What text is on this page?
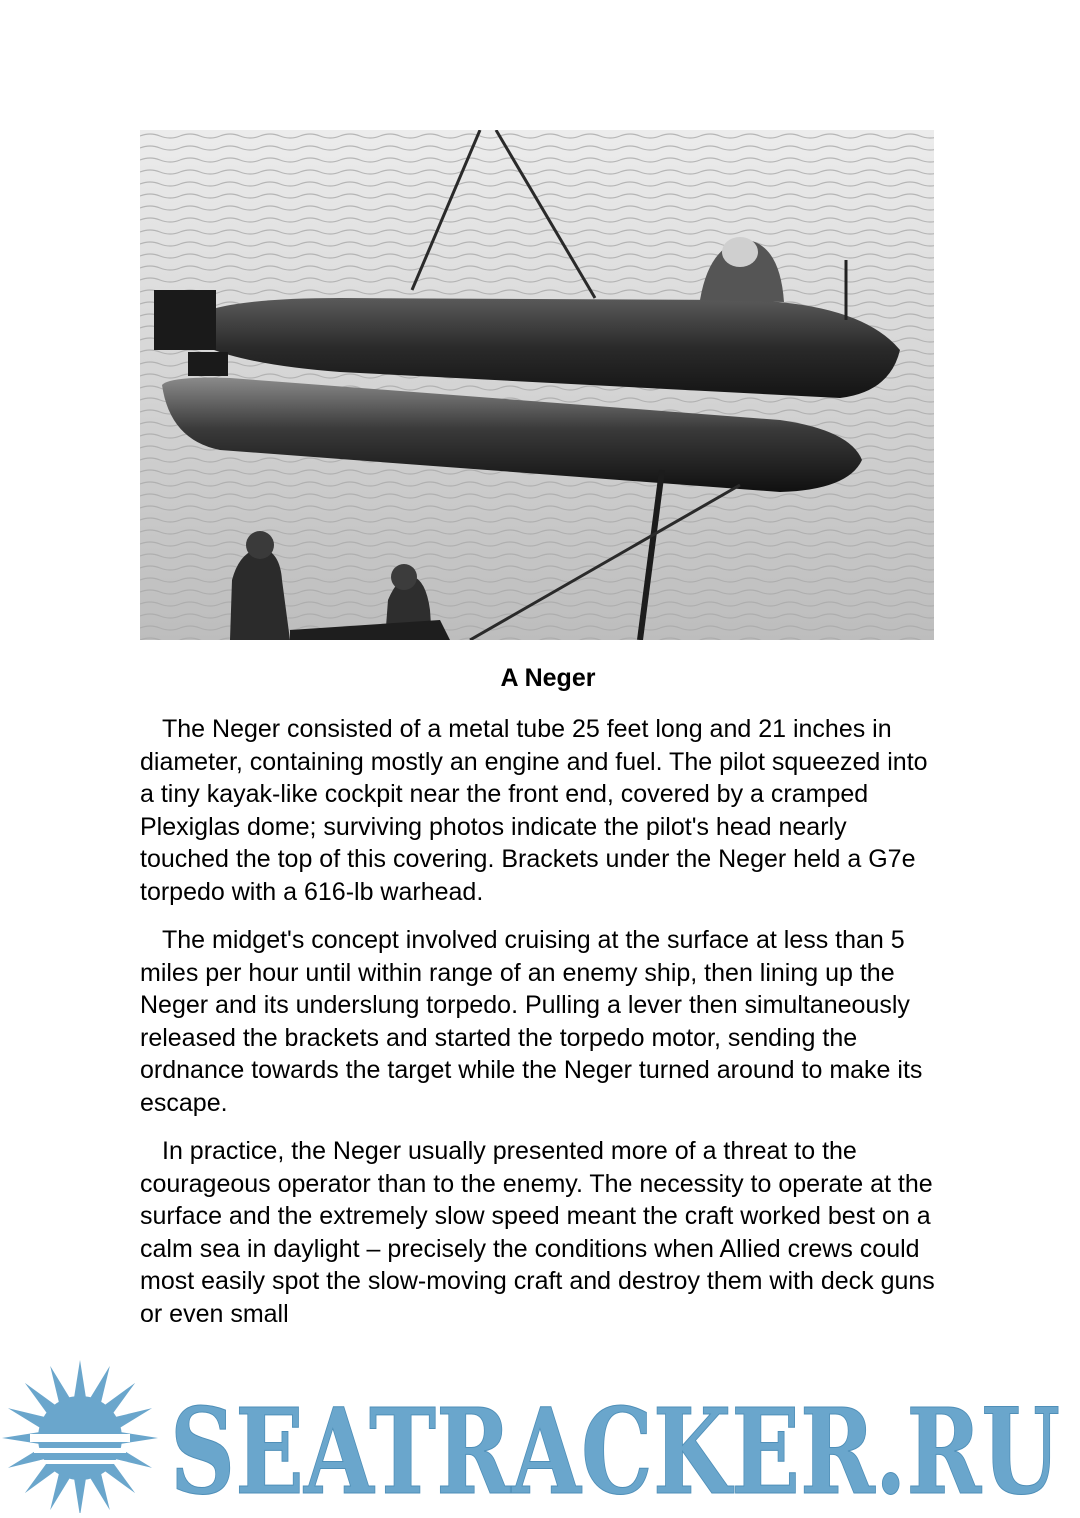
A Neger

The Neger consisted of a metal tube 25 feet long and 21 inches in diameter, containing mostly an engine and fuel. The pilot squeezed into a tiny kayak-like cockpit near the front end, covered by a cramped Plexiglas dome; surviving photos indicate the pilot's head nearly touched the top of this covering. Brackets under the Neger held a G7e torpedo with a 616-lb warhead.

The midget's concept involved cruising at the surface at less than 5 miles per hour until within range of an enemy ship, then lining up the Neger and its underslung torpedo. Pulling a lever then simultaneously released the brackets and started the torpedo motor, sending the ordnance towards the target while the Neger turned around to make its escape.

In practice, the Neger usually presented more of a threat to the courageous operator than to the enemy. The necessity to operate at the surface and the extremely slow speed meant the craft worked best on a calm sea in daylight – precisely the conditions when Allied crews could most easily spot the slow-moving craft and destroy them with deck guns or even small

SEATRACKER.RU
